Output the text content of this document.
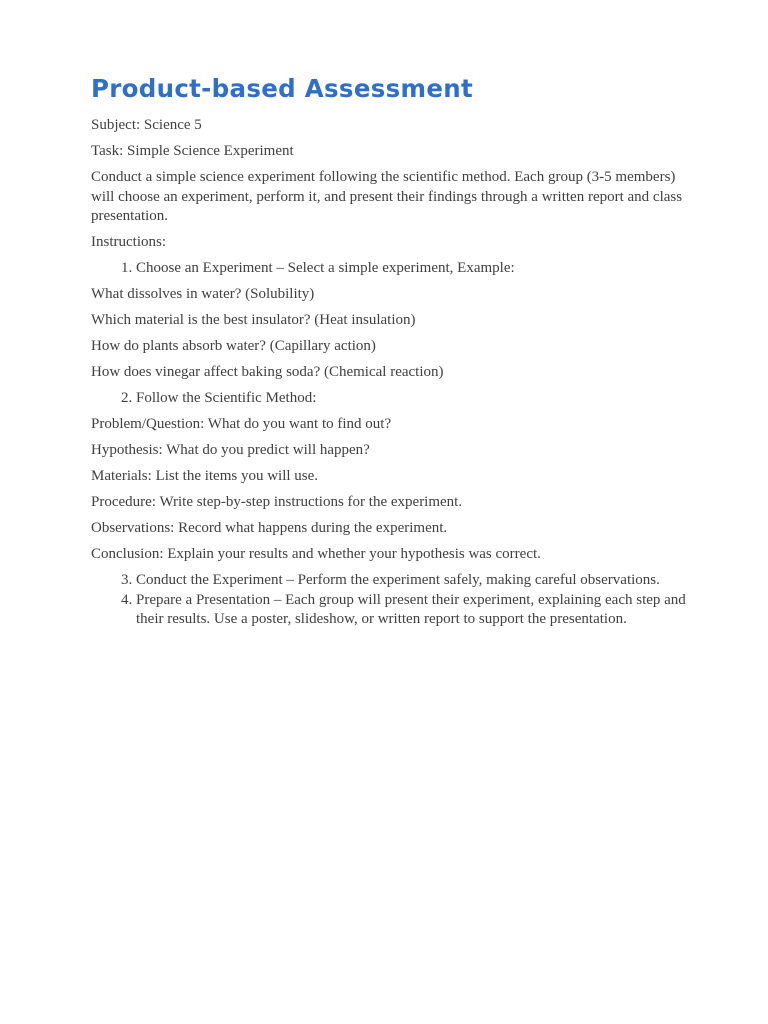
Product-based Assessment

Subject: Science 5

Task: Simple Science Experiment

Conduct a simple science experiment following the scientific method. Each group (3-5 members) will choose an experiment, perform it, and present their findings through a written report and class presentation.

Instructions:

1. Choose an Experiment – Select a simple experiment, Example:

What dissolves in water? (Solubility)

Which material is the best insulator? (Heat insulation)

How do plants absorb water? (Capillary action)

How does vinegar affect baking soda? (Chemical reaction)

2. Follow the Scientific Method:

Problem/Question: What do you want to find out?

Hypothesis: What do you predict will happen?

Materials: List the items you will use.

Procedure: Write step-by-step instructions for the experiment.

Observations: Record what happens during the experiment.

Conclusion: Explain your results and whether your hypothesis was correct.

3. Conduct the Experiment – Perform the experiment safely, making careful observations.
4. Prepare a Presentation – Each group will present their experiment, explaining each step and their results. Use a poster, slideshow, or written report to support the presentation.
